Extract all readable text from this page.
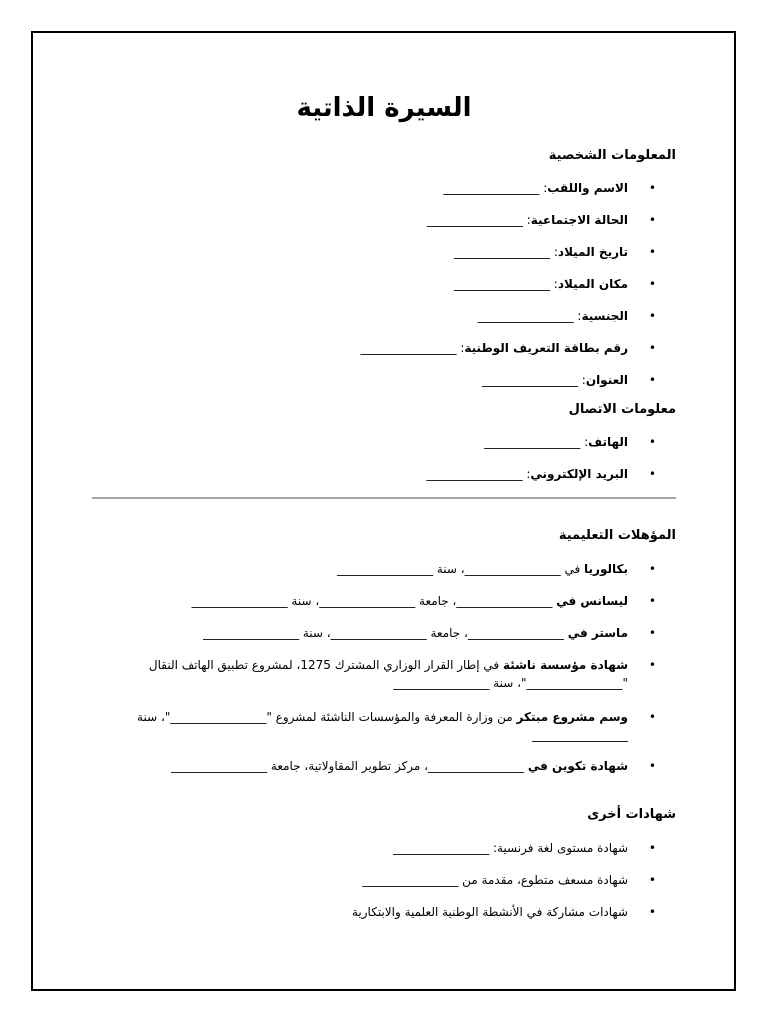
السيرة الذاتية

المعلومات الشخصية

•
الاسم واللقب: ________________
•
الحالة الاجتماعية: ________________
•
تاريخ الميلاد: ________________
•
مكان الميلاد: ________________
•
الجنسية: ________________
•
رقم بطاقة التعريف الوطنية: ________________
•
العنوان: ________________

معلومات الاتصال

•
الهاتف: ________________
•
البريد الإلكتروني: ________________

المؤهلات التعليمية

•
بكالوريا في ________________، سنة ________________
•
ليسانس في ________________، جامعة ________________، سنة ________________
•
ماستر في ________________، جامعة ________________، سنة ________________
•
شهادة مؤسسة ناشئة في إطار القرار الوزاري المشترك 1275، لمشروع تطبيق الهاتف النقال "________________"، سنة ________________
•
وسم مشروع مبتكر من وزارة المعرفة والمؤسسات الناشئة لمشروع "________________"، سنة ________________
•
شهادة تكوين في ________________، مركز تطوير المقاولاتية، جامعة ________________

شهادات أخرى

•
شهادة مستوى لغة فرنسية: ________________
•
شهادة مسعف متطوع، مقدمة من ________________
•
شهادات مشاركة في الأنشطة الوطنية العلمية والابتكارية
